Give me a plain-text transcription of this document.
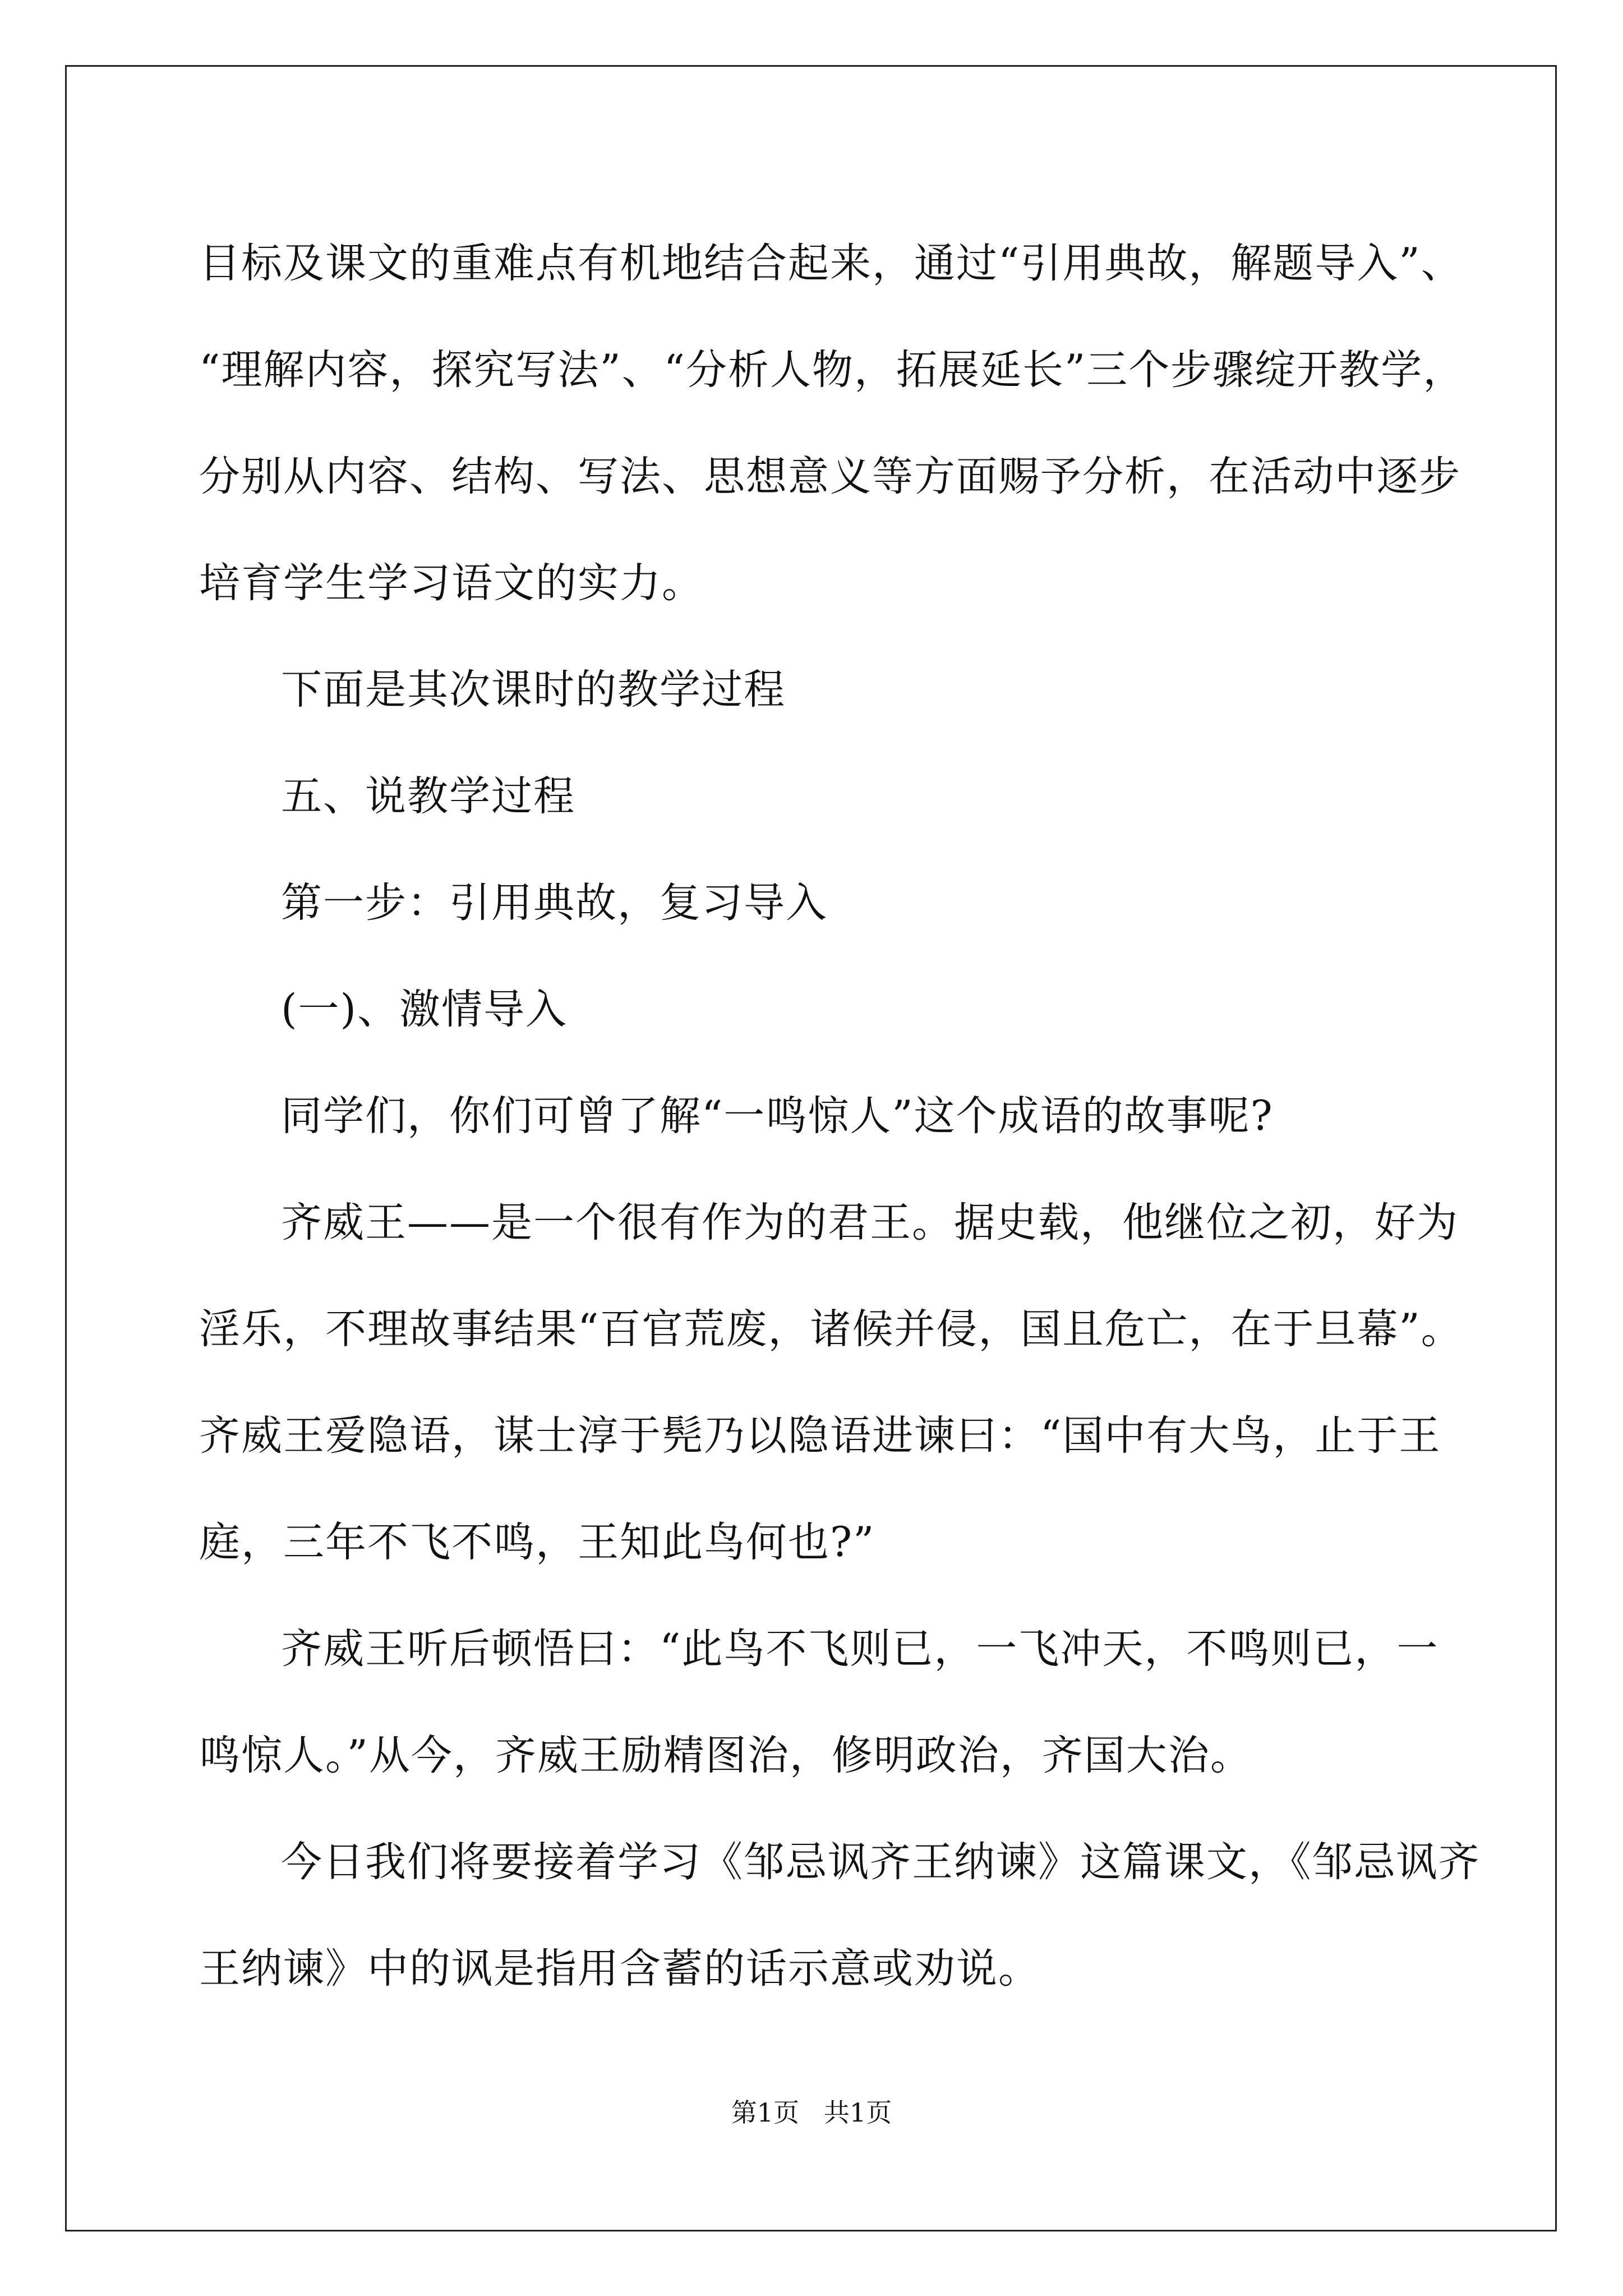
目标及课文的重难点有机地结合起来，通过“引用典故，解题导入”、
“理解内容，探究写法”、“分析人物，拓展延长”三个步骤绽开教学，
分别从内容、结构、写法、思想意义等方面赐予分析，在活动中逐步
培育学生学习语文的实力。
下面是其次课时的教学过程
五、说教学过程
第一步：引用典故，复习导入
(一)、激情导入
同学们，你们可曾了解“一鸣惊人”这个成语的故事呢?
齐威王——是一个很有作为的君王。据史载，他继位之初，好为
淫乐，不理故事结果“百官荒废，诸候并侵，国且危亡，在于旦幕”。
齐威王爱隐语，谋士淳于髡乃以隐语进谏曰：“国中有大鸟，止于王
庭，三年不飞不鸣，王知此鸟何也?”
齐威王听后顿悟曰：“此鸟不飞则已，一飞冲天，不鸣则已，一
鸣惊人。”从今，齐威王励精图治，修明政治，齐国大治。
今日我们将要接着学习《邹忌讽齐王纳谏》这篇课文，《邹忌讽齐
王纳谏》中的讽是指用含蓄的话示意或劝说。
第1页   共1页
